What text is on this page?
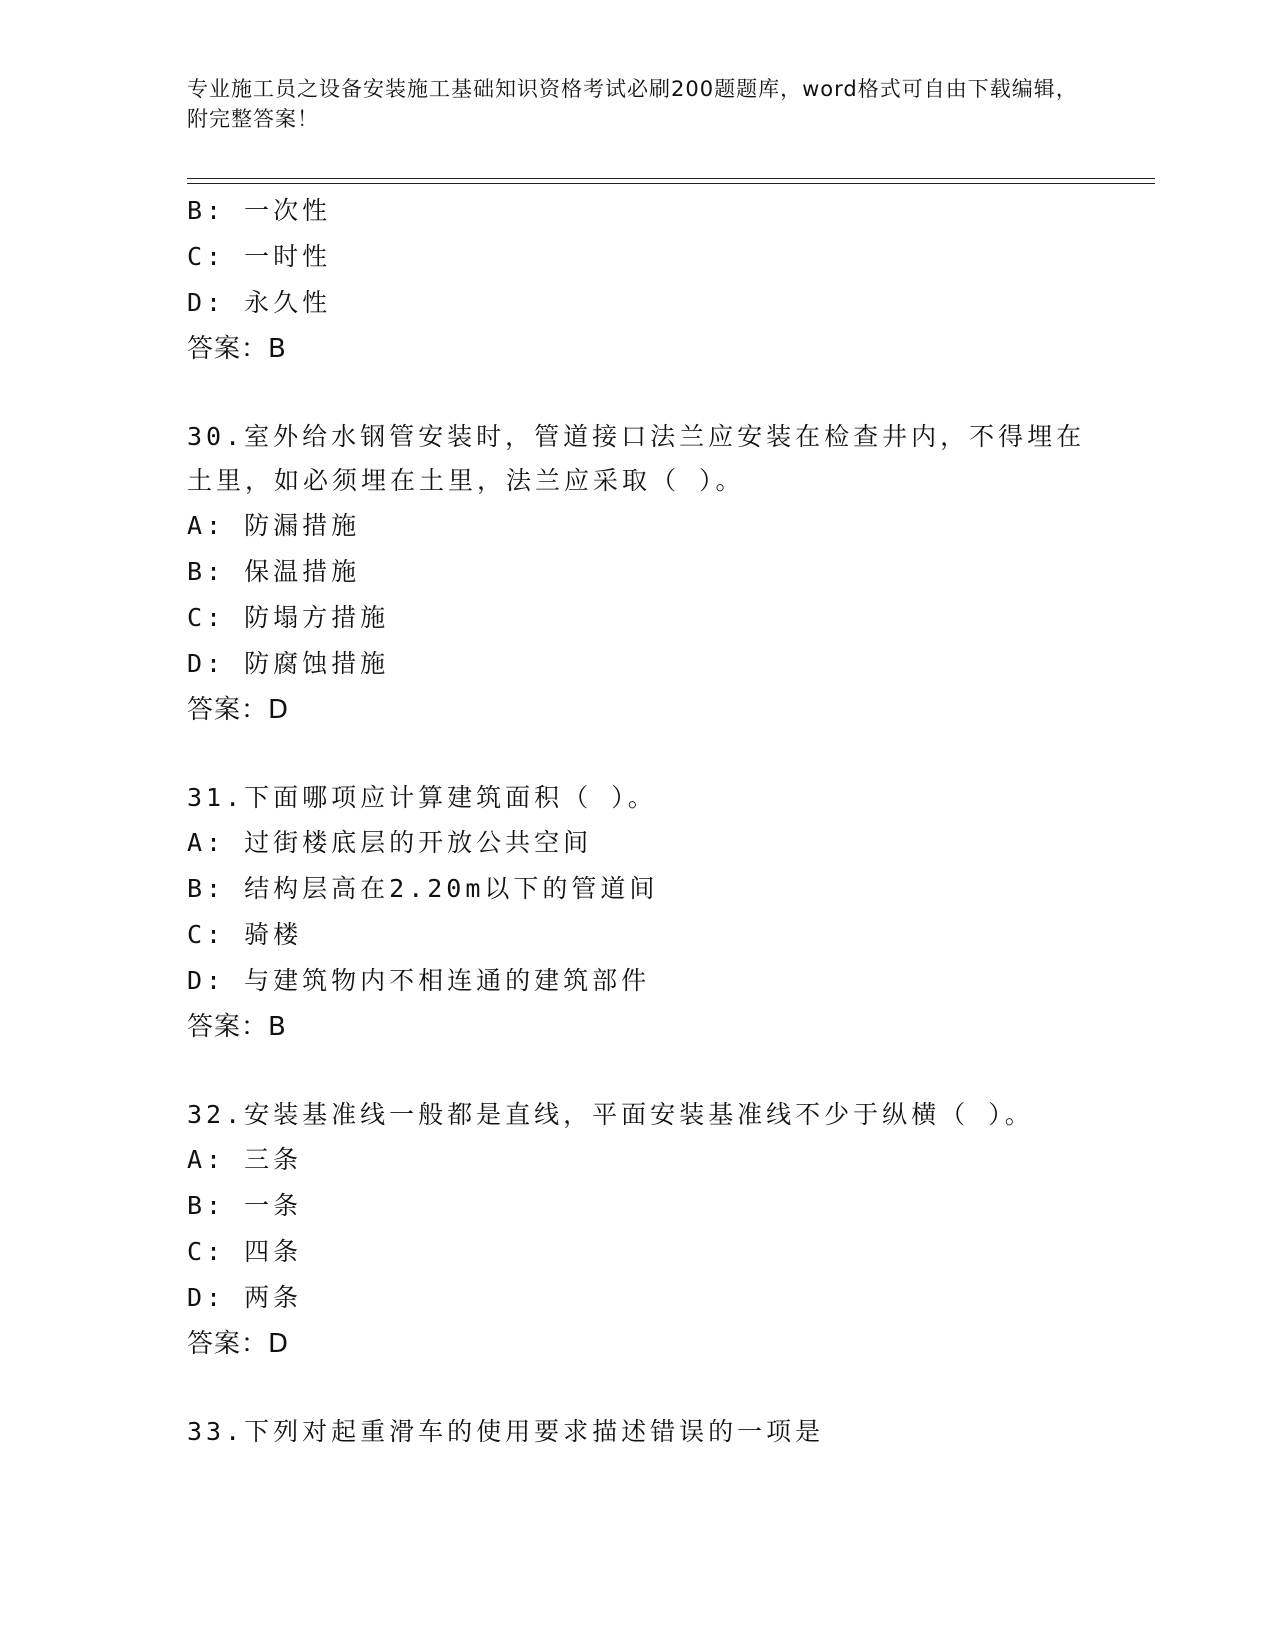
专业施工员之设备安装施工基础知识资格考试必刷200题题库，word格式可自由下载编辑，附完整答案！
B: 一次性
C: 一时性
D: 永久性
答案：B
30.室外给水钢管安装时，管道接口法兰应安装在检查井内，不得埋在
土里，如必须埋在土里，法兰应采取（ ）。
A: 防漏措施
B: 保温措施
C: 防塌方措施
D: 防腐蚀措施
答案：D
31.下面哪项应计算建筑面积（ ）。
A: 过街楼底层的开放公共空间
B: 结构层高在2.20m以下的管道间
C: 骑楼
D: 与建筑物内不相连通的建筑部件
答案：B
32.安装基准线一般都是直线，平面安装基准线不少于纵横（ ）。
A: 三条
B: 一条
C: 四条
D: 两条
答案：D
33.下列对起重滑车的使用要求描述错误的一项是
